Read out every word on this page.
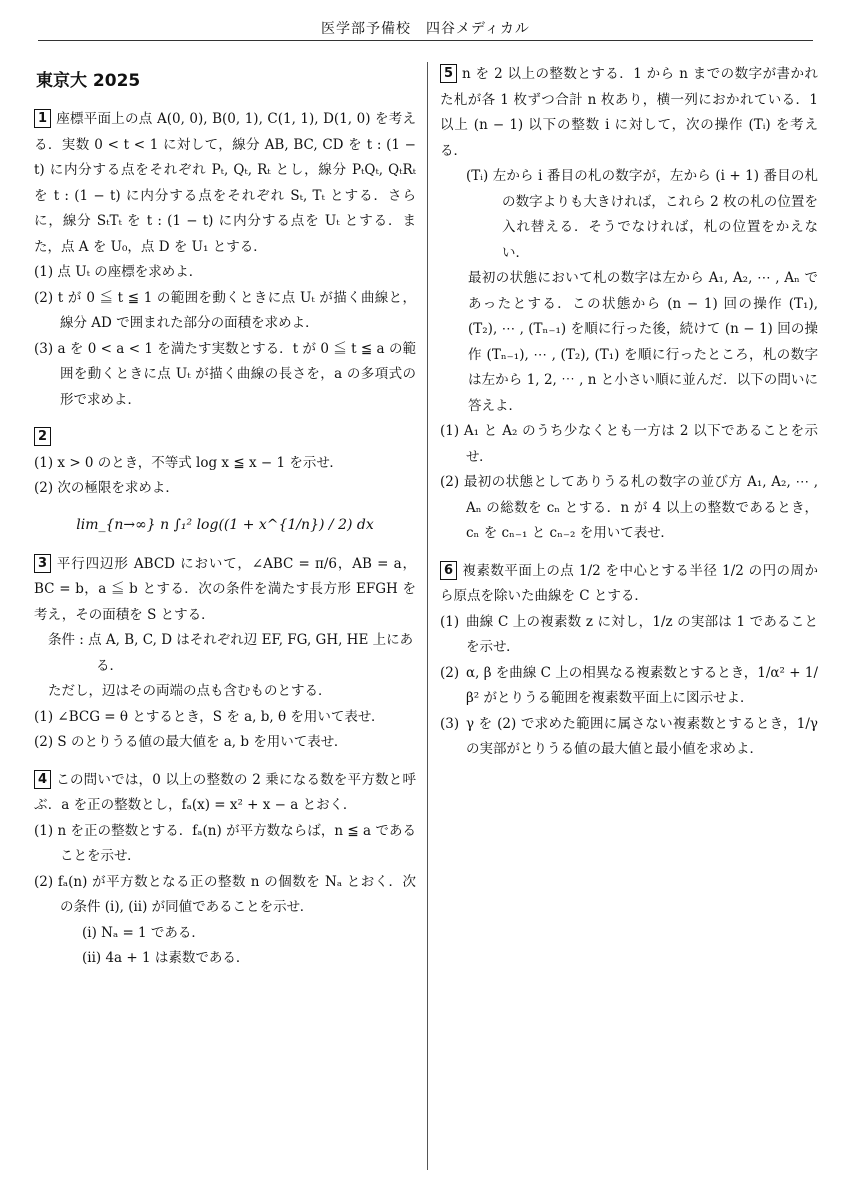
医学部予備校　四谷メディカル
東京大 2025
1 座標平面上の点 A(0, 0), B(0, 1), C(1, 1), D(1, 0) を考える．実数 0 < t < 1 に対して，線分 AB, BC, CD を t : (1 − t) に内分する点をそれぞれ Pₜ, Qₜ, Rₜ とし，線分 PₜQₜ, QₜRₜ を t : (1 − t) に内分する点をそれぞれ Sₜ, Tₜ とする．さらに，線分 SₜTₜ を t : (1 − t) に内分する点を Uₜ とする．また，点 A を U₀，点 D を U₁ とする．
(1) 点 Uₜ の座標を求めよ．
(2) t が 0 ≦ t ≦ 1 の範囲を動くときに点 Uₜ が描く曲線と，線分 AD で囲まれた部分の面積を求めよ．
(3) a を 0 < a < 1 を満たす実数とする．t が 0 ≦ t ≦ a の範囲を動くときに点 Uₜ が描く曲線の長さを，a の多項式の形で求めよ．
2
(1) x > 0 のとき，不等式 log x ≦ x − 1 を示せ．
(2) 次の極限を求めよ．
lim_{n→∞} n ∫₁² log((1 + x^{1/n}) / 2) dx
3 平行四辺形 ABCD において，∠ABC = π/6，AB = a，BC = b，a ≦ b とする．次の条件を満たす長方形 EFGH を考え，その面積を S とする．
条件 : 点 A, B, C, D はそれぞれ辺 EF, FG, GH, HE 上にある．
ただし，辺はその両端の点も含むものとする．
(1) ∠BCG = θ とするとき，S を a, b, θ を用いて表せ．
(2) S のとりうる値の最大値を a, b を用いて表せ．
4 この問いでは，0 以上の整数の 2 乗になる数を平方数と呼ぶ．a を正の整数とし，fₐ(x) = x² + x − a とおく．
(1) n を正の整数とする．fₐ(n) が平方数ならば，n ≦ a であることを示せ．
(2) fₐ(n) が平方数となる正の整数 n の個数を Nₐ とおく．次の条件 (i), (ii) が同値であることを示せ．
(i) Nₐ = 1 である．
(ii) 4a + 1 は素数である．
5 n を 2 以上の整数とする．1 から n までの数字が書かれた札が各 1 枚ずつ合計 n 枚あり，横一列におかれている．1 以上 (n − 1) 以下の整数 i に対して，次の操作 (Tᵢ) を考える．
(Tᵢ) 左から i 番目の札の数字が，左から (i + 1) 番目の札の数字よりも大きければ，これら 2 枚の札の位置を入れ替える．そうでなければ，札の位置をかえない．
最初の状態において札の数字は左から A₁, A₂, ⋯ , Aₙ であったとする．この状態から (n − 1) 回の操作 (T₁), (T₂), ⋯ , (Tₙ₋₁) を順に行った後，続けて (n − 1) 回の操作 (Tₙ₋₁), ⋯ , (T₂), (T₁) を順に行ったところ，札の数字は左から 1, 2, ⋯ , n と小さい順に並んだ．以下の問いに答えよ．
(1) A₁ と A₂ のうち少なくとも一方は 2 以下であることを示せ．
(2) 最初の状態としてありうる札の数字の並び方 A₁, A₂, ⋯ , Aₙ の総数を cₙ とする．n が 4 以上の整数であるとき，cₙ を cₙ₋₁ と cₙ₋₂ を用いて表せ．
6 複素数平面上の点 1/2 を中心とする半径 1/2 の円の周から原点を除いた曲線を C とする．
(1) 曲線 C 上の複素数 z に対し，1/z の実部は 1 であることを示せ．
(2) α, β を曲線 C 上の相異なる複素数とするとき，1/α² + 1/β² がとりうる範囲を複素数平面上に図示せよ．
(3) γ を (2) で求めた範囲に属さない複素数とするとき，1/γ の実部がとりうる値の最大値と最小値を求めよ．
